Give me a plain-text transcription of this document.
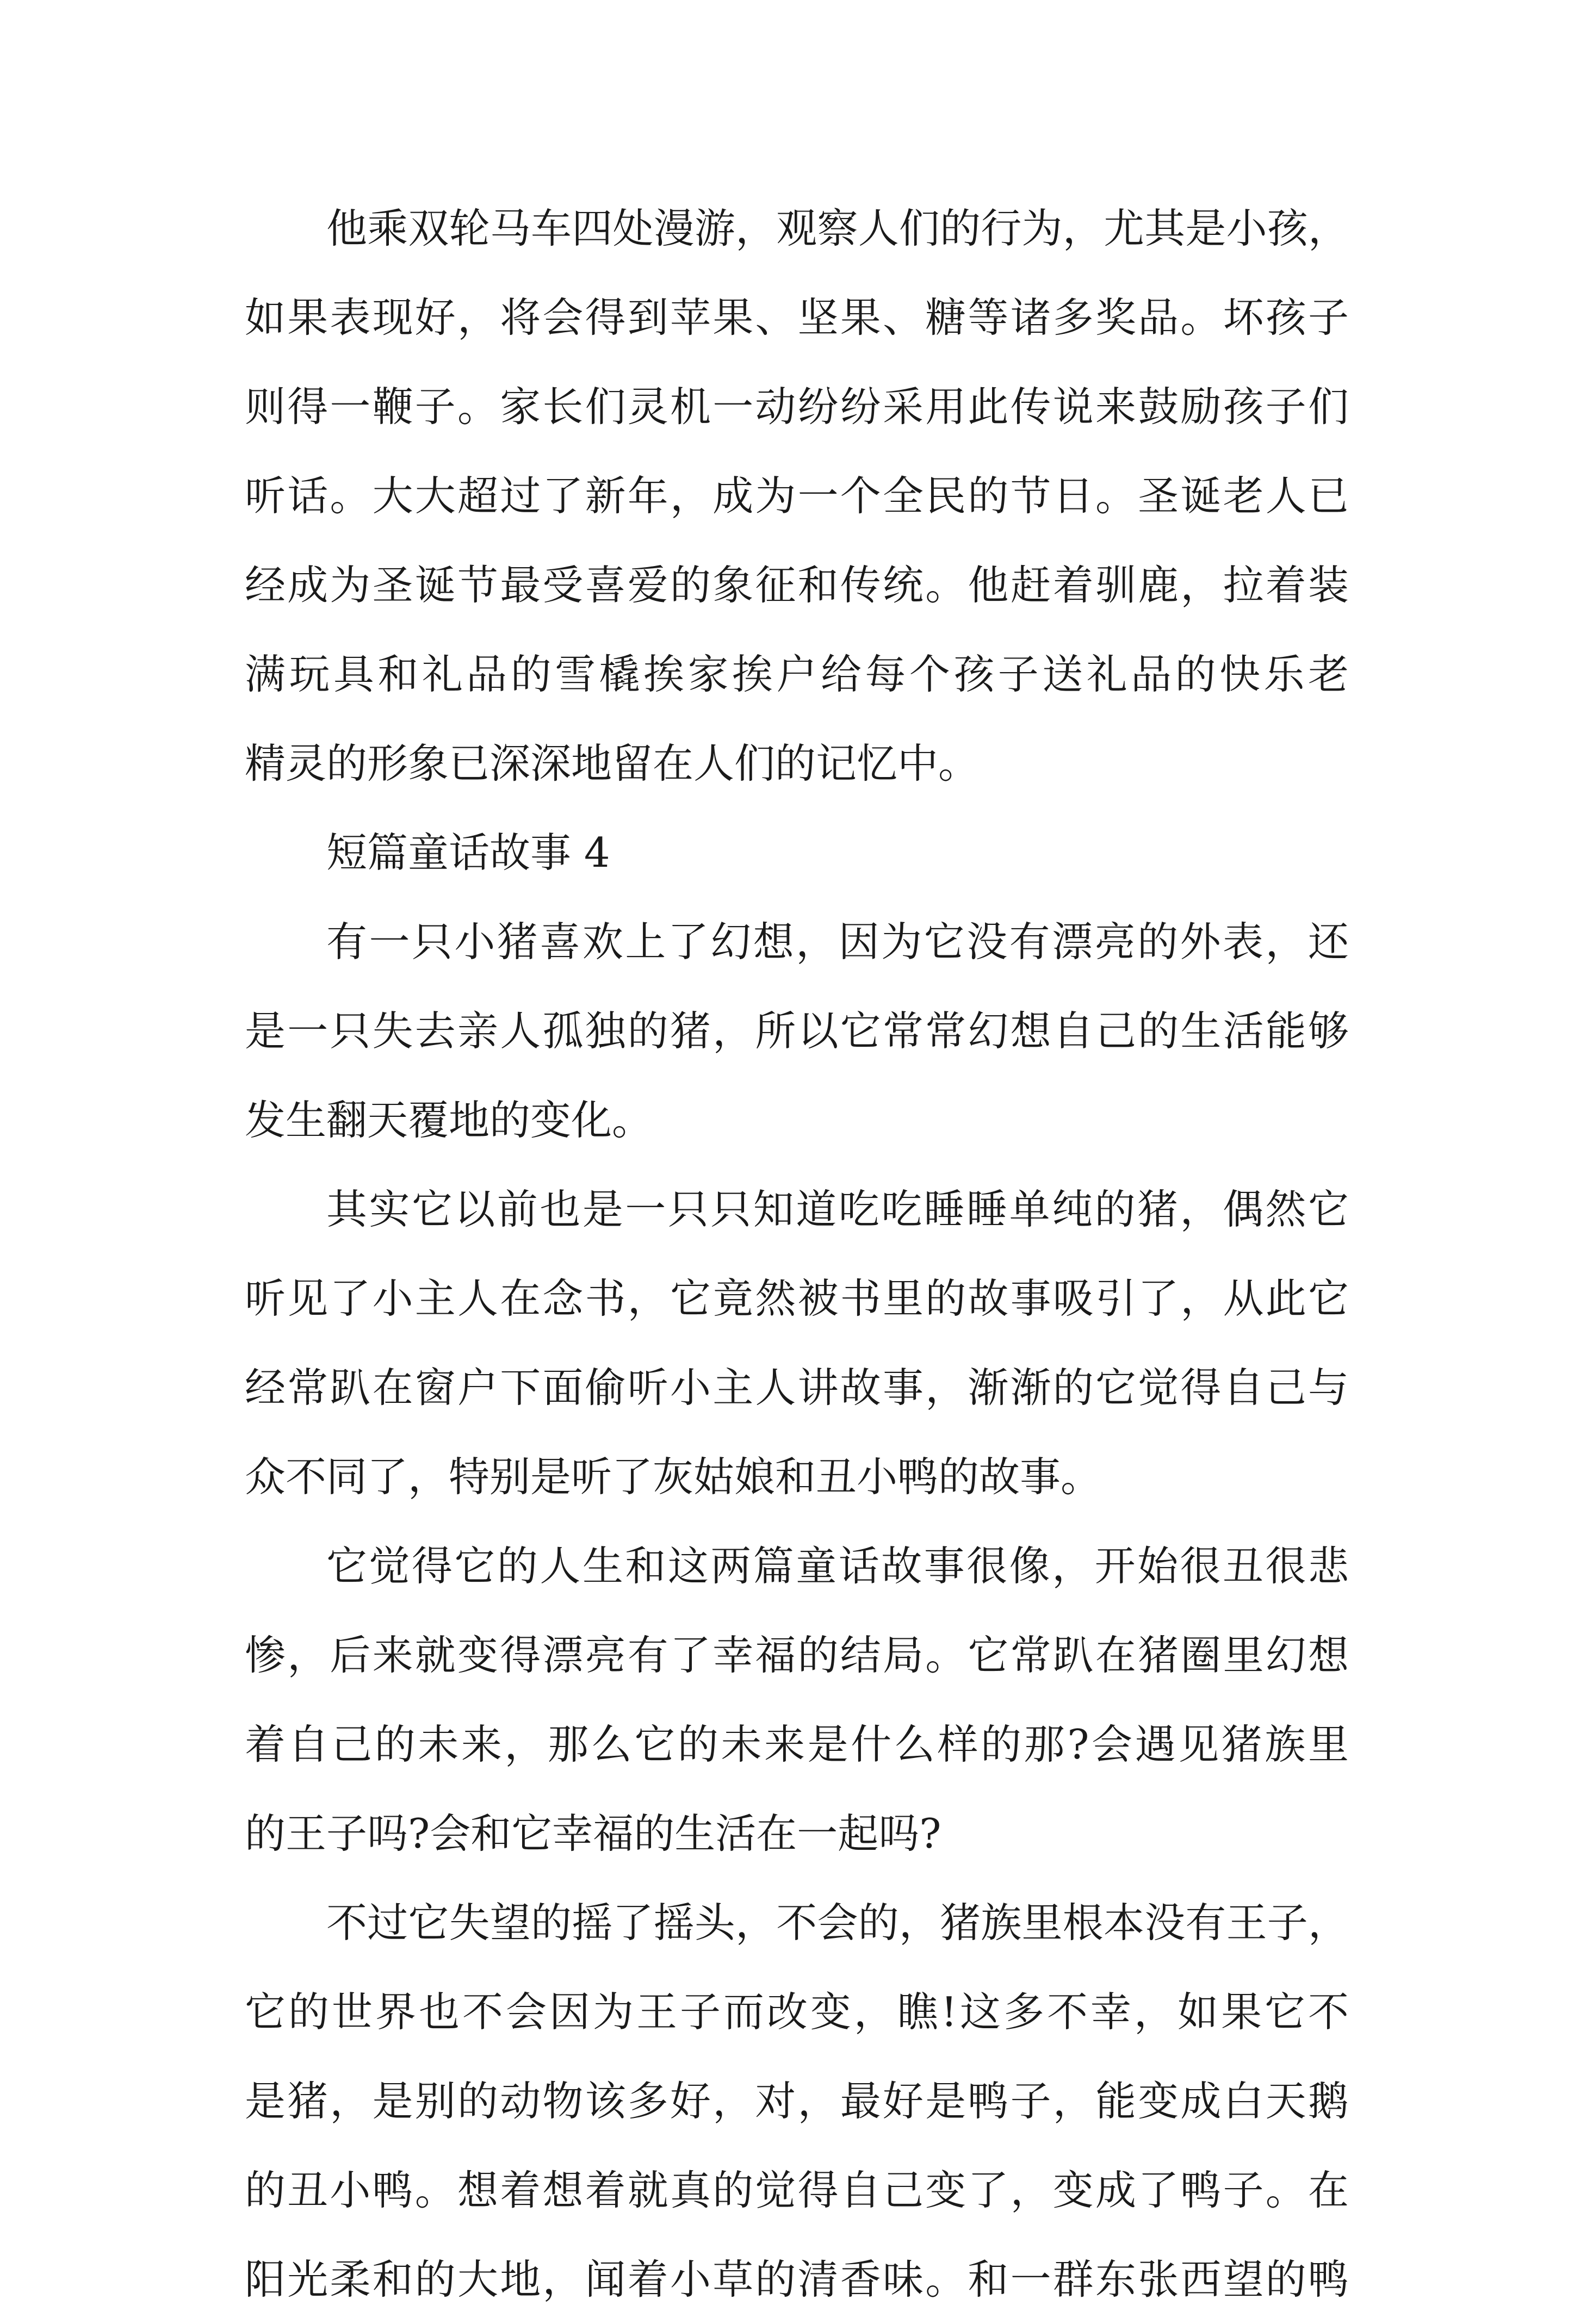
他乘双轮马车四处漫游，观察人们的行为，尤其是小孩，
如果表现好，将会得到苹果、坚果、糖等诸多奖品。坏孩子
则得一鞭子。家长们灵机一动纷纷采用此传说来鼓励孩子们
听话。大大超过了新年，成为一个全民的节日。圣诞老人已
经成为圣诞节最受喜爱的象征和传统。他赶着驯鹿，拉着装
满玩具和礼品的雪橇挨家挨户给每个孩子送礼品的快乐老
精灵的形象已深深地留在人们的记忆中。
短篇童话故事 4
有一只小猪喜欢上了幻想，因为它没有漂亮的外表，还
是一只失去亲人孤独的猪，所以它常常幻想自己的生活能够
发生翻天覆地的变化。
其实它以前也是一只只知道吃吃睡睡单纯的猪，偶然它
听见了小主人在念书，它竟然被书里的故事吸引了，从此它
经常趴在窗户下面偷听小主人讲故事，渐渐的它觉得自己与
众不同了，特别是听了灰姑娘和丑小鸭的故事。
它觉得它的人生和这两篇童话故事很像，开始很丑很悲
惨，后来就变得漂亮有了幸福的结局。它常趴在猪圈里幻想
着自己的未来，那么它的未来是什么样的那?会遇见猪族里
的王子吗?会和它幸福的生活在一起吗?
不过它失望的摇了摇头，不会的，猪族里根本没有王子，
它的世界也不会因为王子而改变，瞧!这多不幸，如果它不
是猪，是别的动物该多好，对，最好是鸭子，能变成白天鹅
的丑小鸭。想着想着就真的觉得自己变了，变成了鸭子。在
阳光柔和的大地，闻着小草的清香味。和一群东张西望的鸭
